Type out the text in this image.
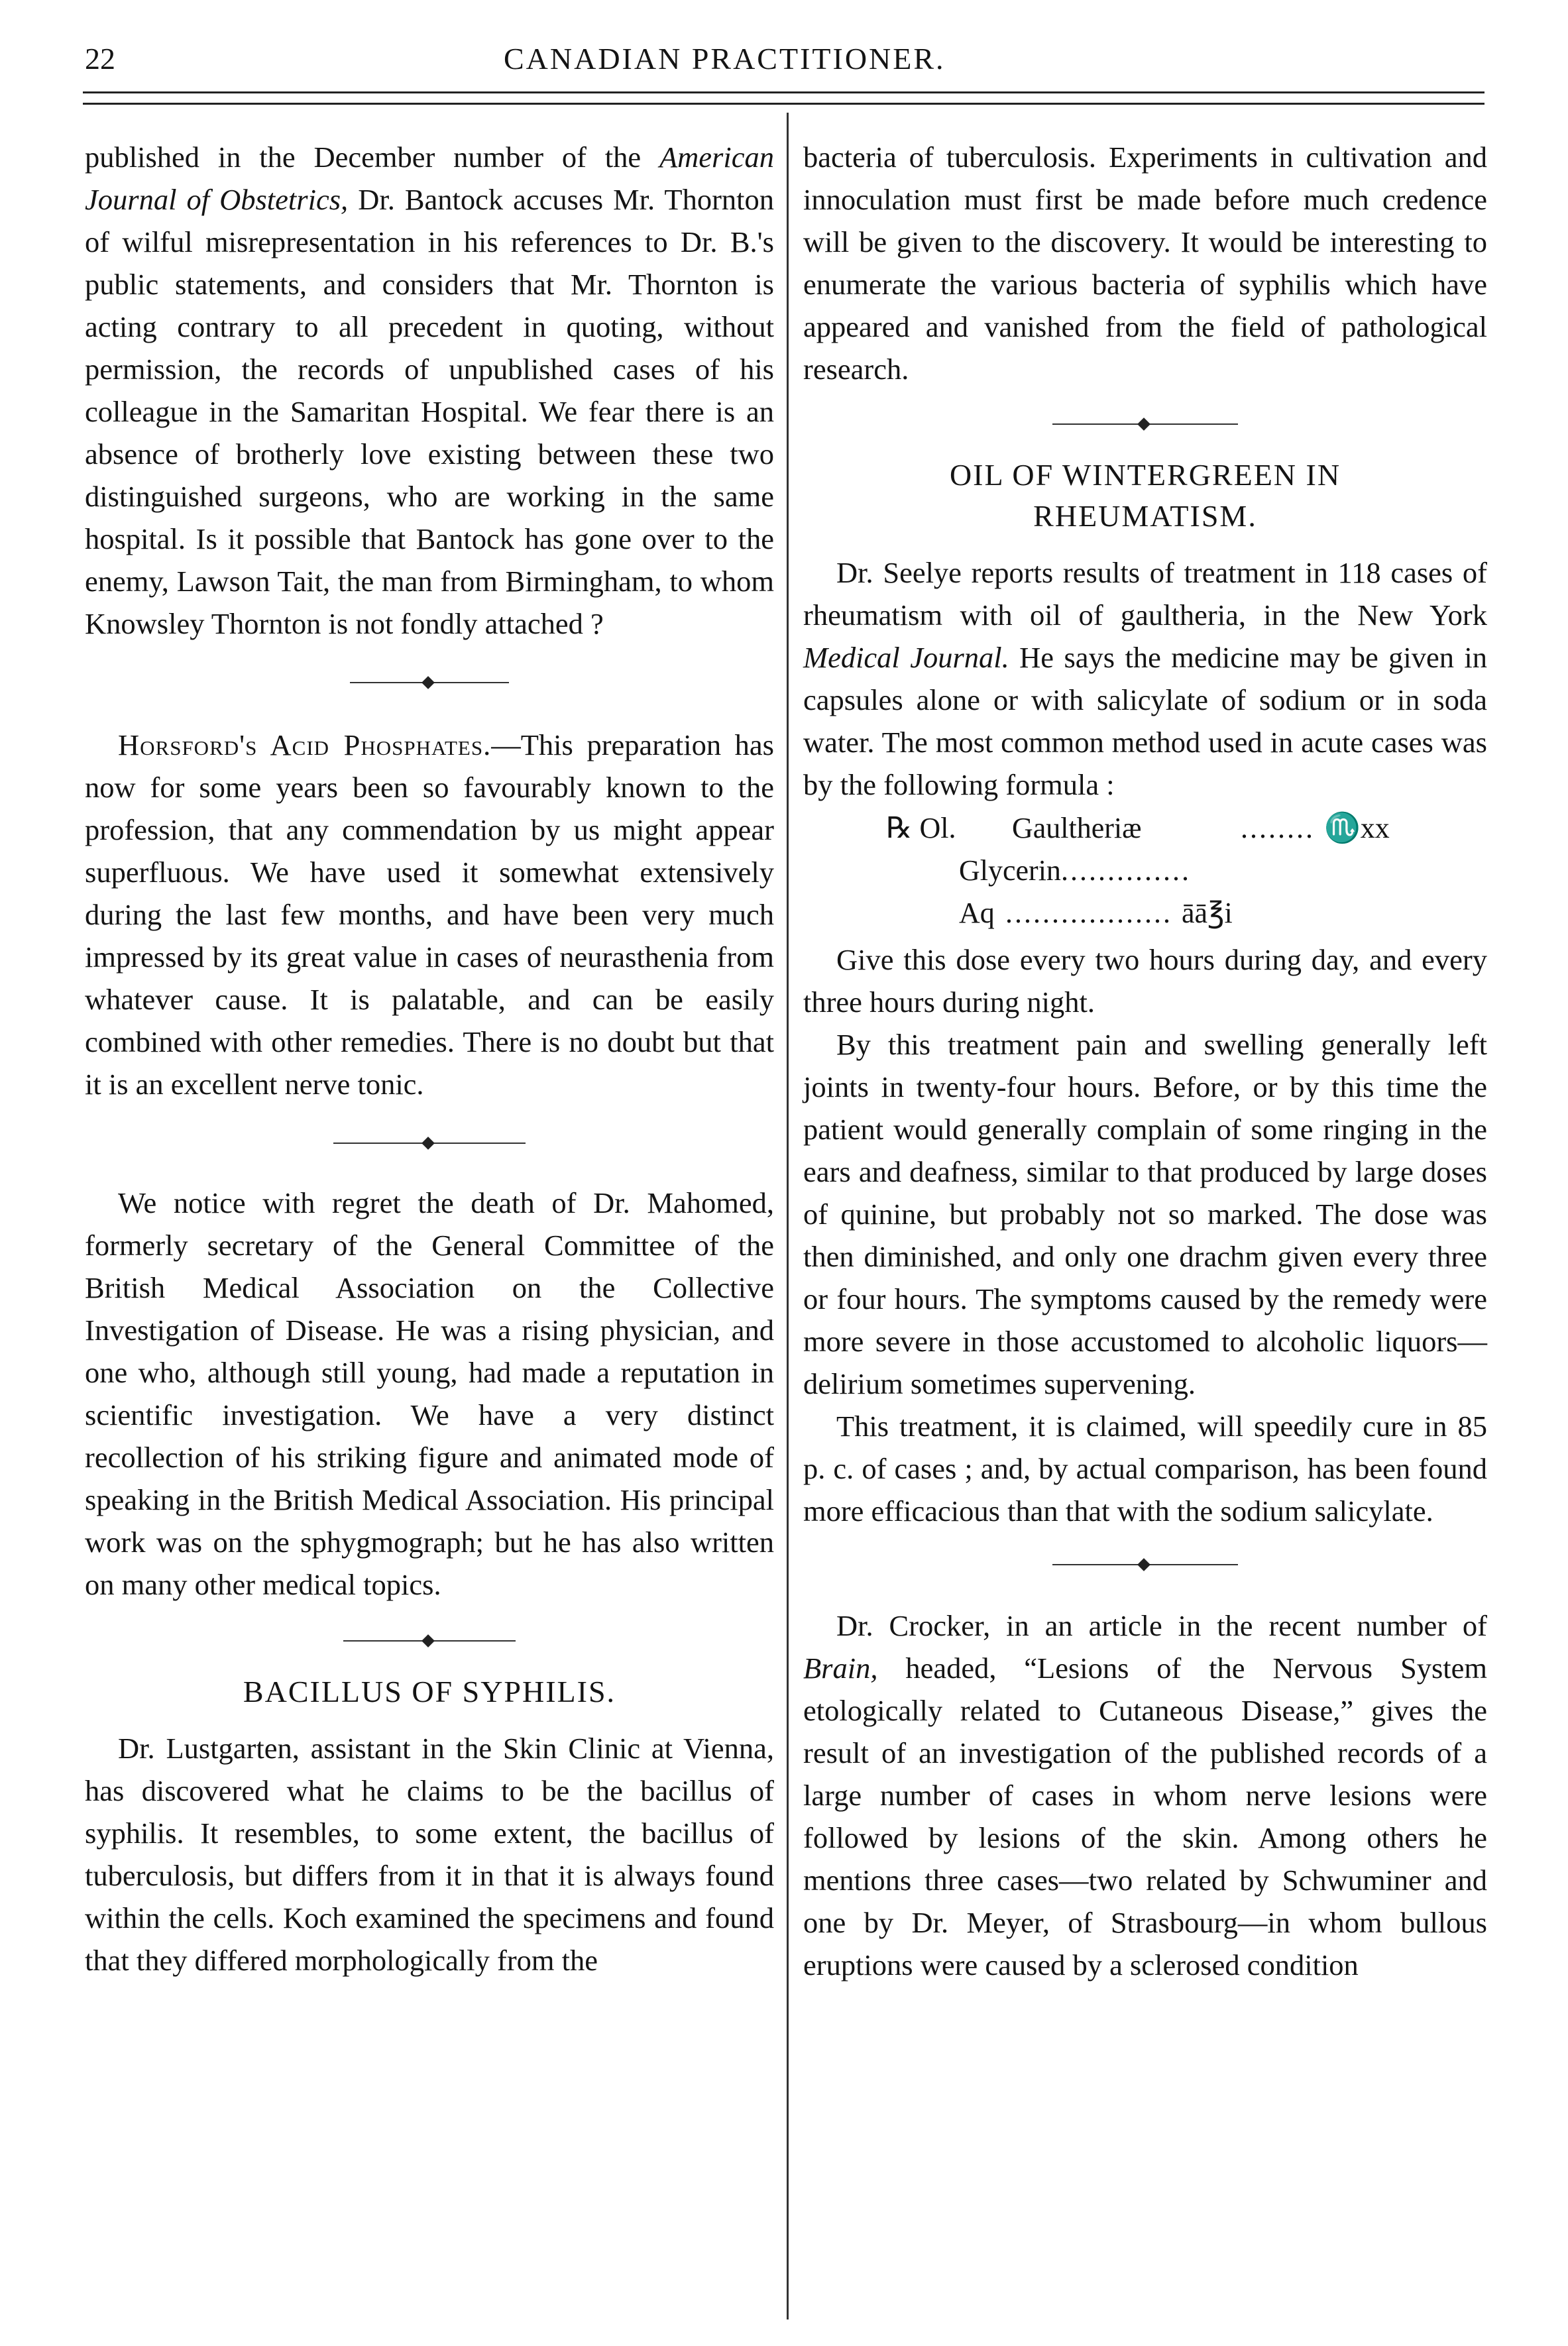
22	CANADIAN PRACTITIONER.

published in the December number of the American Journal of Obstetrics, Dr. Bantock accuses Mr. Thornton of wilful misrepresentation in his references to Dr. B.'s public statements, and considers that Mr. Thornton is acting contrary to all precedent in quoting, without permission, the records of unpublished cases of his colleague in the Samaritan Hospital. We fear there is an absence of brotherly love existing between these two distinguished surgeons, who are working in the same hospital. Is it possible that Bantock has gone over to the enemy, Lawson Tait, the man from Birmingham, to whom Knowsley Thornton is not fondly attached ?

Horsford's Acid Phosphates.—This preparation has now for some years been so favourably known to the profession, that any commendation by us might appear superfluous. We have used it somewhat extensively during the last few months, and have been very much impressed by its great value in cases of neurasthenia from whatever cause. It is palatable, and can be easily combined with other remedies. There is no doubt but that it is an excellent nerve tonic.

We notice with regret the death of Dr. Mahomed, formerly secretary of the General Committee of the British Medical Association on the Collective Investigation of Disease. He was a rising physician, and one who, although still young, had made a reputation in scientific investigation. We have a very distinct recollection of his striking figure and animated mode of speaking in the British Medical Association. His principal work was on the sphygmograph; but he has also written on many other medical topics.

BACILLUS OF SYPHILIS.

Dr. Lustgarten, assistant in the Skin Clinic at Vienna, has discovered what he claims to be the bacillus of syphilis. It resembles, to some extent, the bacillus of tuberculosis, but differs from it in that it is always found within the cells. Koch examined the specimens and found that they differed morphologically from the

bacteria of tuberculosis. Experiments in cultivation and innoculation must first be made before much credence will be given to the discovery. It would be interesting to enumerate the various bacteria of syphilis which have appeared and vanished from the field of pathological research.

OIL OF WINTERGREEN IN
RHEUMATISM.

Dr. Seelye reports results of treatment in 118 cases of rheumatism with oil of gaultheria, in the New York Medical Journal. He says the medicine may be given in capsules alone or with salicylate of sodium or in soda water. The most common method used in acute cases was by the following formula :

℞ Ol.	Gaultheriæ	........ ♏xx
Glycerin ..............
Aq .................. āā℥i

Give this dose every two hours during day, and every three hours during night.

By this treatment pain and swelling generally left joints in twenty-four hours. Before, or by this time the patient would generally complain of some ringing in the ears and deafness, similar to that produced by large doses of quinine, but probably not so marked. The dose was then diminished, and only one drachm given every three or four hours. The symptoms caused by the remedy were more severe in those accustomed to alcoholic liquors—delirium sometimes supervening.

This treatment, it is claimed, will speedily cure in 85 p. c. of cases ; and, by actual comparison, has been found more efficacious than that with the sodium salicylate.

Dr. Crocker, in an article in the recent number of Brain, headed, “Lesions of the Nervous System etologically related to Cutaneous Disease,” gives the result of an investigation of the published records of a large number of cases in whom nerve lesions were followed by lesions of the skin. Among others he mentions three cases—two related by Schwuminer and one by Dr. Meyer, of Strasbourg—in whom bullous eruptions were caused by a sclerosed condition
